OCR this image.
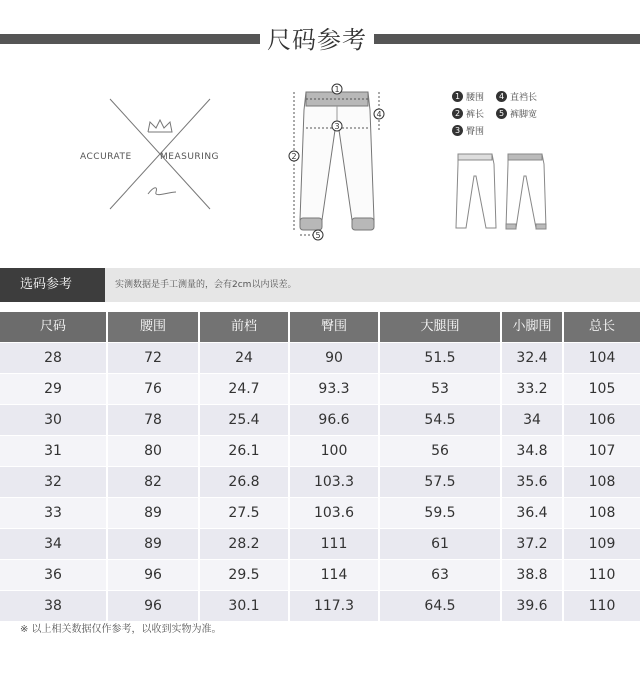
尺码参考
ACCURATE	MEASURING
1
2
3
4
5
1 腰围	4 直裆长
2 裤长	5 裤脚宽
3 臀围
选码参考	实测数据是手工测量的，会有2cm以内误差。
尺码	腰围	前档	臀围	大腿围	小脚围	总长
28	72	24	90	51.5	32.4	104
29	76	24.7	93.3	53	33.2	105
30	78	25.4	96.6	54.5	34	106
31	80	26.1	100	56	34.8	107
32	82	26.8	103.3	57.5	35.6	108
33	89	27.5	103.6	59.5	36.4	108
34	89	28.2	111	61	37.2	109
36	96	29.5	114	63	38.8	110
38	96	30.1	117.3	64.5	39.6	110
※ 以上相关数据仅作参考，以收到实物为准。
